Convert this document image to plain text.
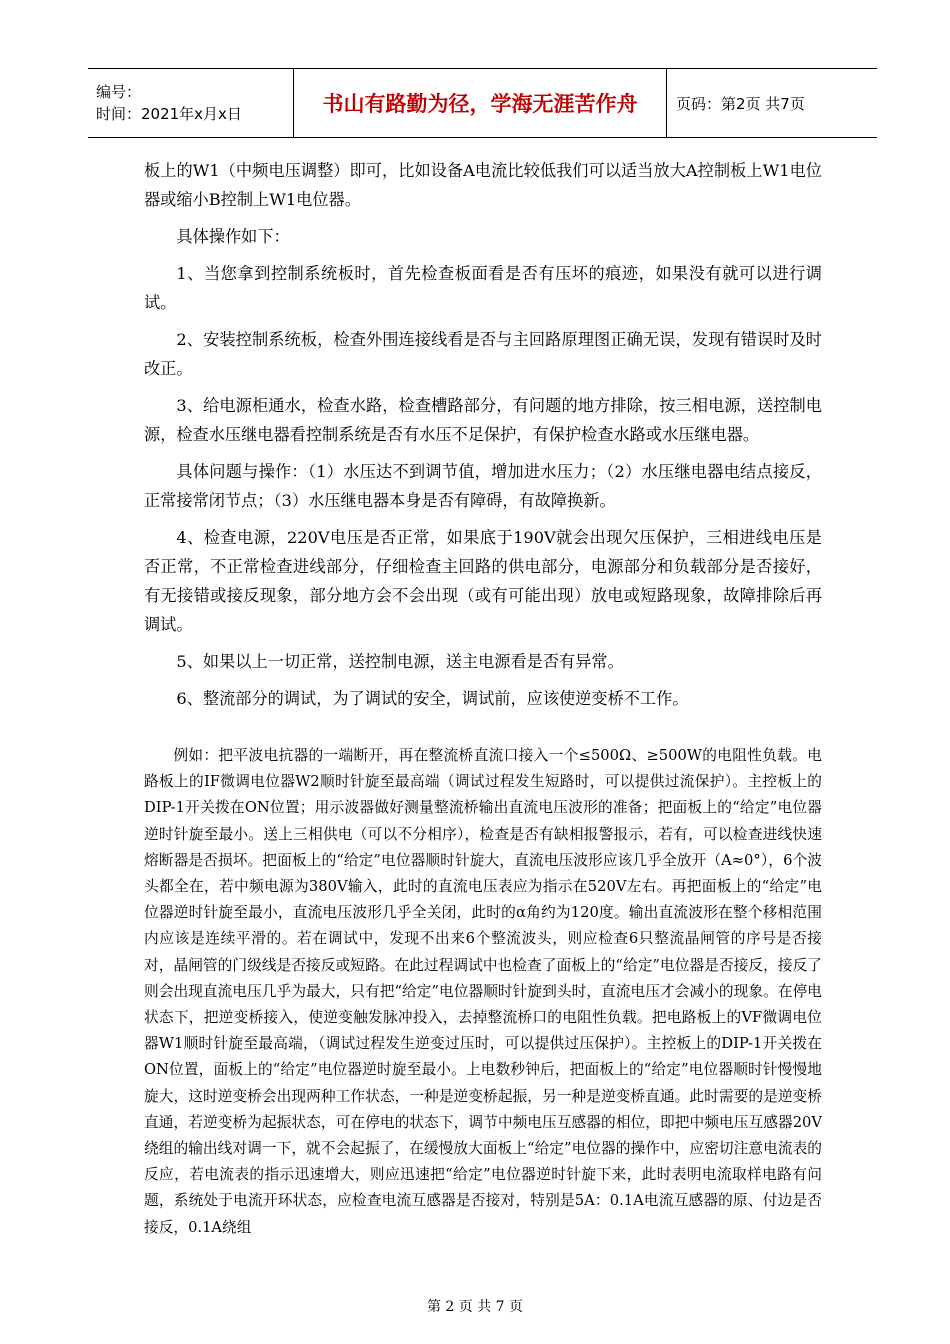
编号：
时间：2021年x月x日	书山有路勤为径，学海无涯苦作舟	页码：第2页 共7页

板上的W1（中频电压调整）即可，比如设备A电流比较低我们可以适当放大A控制板上W1电位器或缩小B控制上W1电位器。

具体操作如下：

1、当您拿到控制系统板时，首先检查板面看是否有压坏的痕迹，如果没有就可以进行调试。

2、安装控制系统板，检查外围连接线看是否与主回路原理图正确无误，发现有错误时及时改正。

3、给电源柜通水，检查水路，检查槽路部分，有问题的地方排除，按三相电源，送控制电源，检查水压继电器看控制系统是否有水压不足保护，有保护检查水路或水压继电器。

具体问题与操作：（1）水压达不到调节值，增加进水压力；（2）水压继电器电结点接反，正常接常闭节点；（3）水压继电器本身是否有障碍，有故障换新。

4、检查电源，220V电压是否正常，如果底于190V就会出现欠压保护，三相进线电压是否正常，不正常检查进线部分，仔细检查主回路的供电部分，电源部分和负载部分是否接好，有无接错或接反现象，部分地方会不会出现（或有可能出现）放电或短路现象，故障排除后再调试。

5、如果以上一切正常，送控制电源，送主电源看是否有异常。

6、整流部分的调试，为了调试的安全，调试前，应该使逆变桥不工作。

例如：把平波电抗器的一端断开，再在整流桥直流口接入一个≤500Ω、≥500W的电阻性负载。电路板上的IF微调电位器W2顺时针旋至最高端（调试过程发生短路时，可以提供过流保护）。主控板上的DIP-1开关拨在ON位置；用示波器做好测量整流桥输出直流电压波形的准备；把面板上的“给定”电位器逆时针旋至最小。送上三相供电（可以不分相序），检查是否有缺相报警报示，若有，可以检查进线快速熔断器是否损坏。把面板上的“给定”电位器顺时针旋大，直流电压波形应该几乎全放开（A≈0°），6个波头都全在，若中频电源为380V输入，此时的直流电压表应为指示在520V左右。再把面板上的“给定”电位器逆时针旋至最小，直流电压波形几乎全关闭，此时的α角约为120度。输出直流波形在整个移相范围内应该是连续平滑的。若在调试中，发现不出来6个整流波头，则应检查6只整流晶闸管的序号是否接对，晶闸管的门级线是否接反或短路。在此过程调试中也检查了面板上的“给定”电位器是否接反，接反了则会出现直流电压几乎为最大，只有把“给定”电位器顺时针旋到头时，直流电压才会减小的现象。在停电状态下，把逆变桥接入，使逆变触发脉冲投入，去掉整流桥口的电阻性负载。把电路板上的VF微调电位器W1顺时针旋至最高端，（调试过程发生逆变过压时，可以提供过压保护）。主控板上的DIP-1开关拨在ON位置，面板上的“给定”电位器逆时旋至最小。上电数秒钟后，把面板上的“给定”电位器顺时针慢慢地旋大，这时逆变桥会出现两种工作状态，一种是逆变桥起振，另一种是逆变桥直通。此时需要的是逆变桥直通，若逆变桥为起振状态，可在停电的状态下，调节中频电压互感器的相位，即把中频电压互感器20V绕组的输出线对调一下，就不会起振了，在缓慢放大面板上“给定”电位器的操作中，应密切注意电流表的反应，若电流表的指示迅速增大，则应迅速把“给定”电位器逆时针旋下来，此时表明电流取样电路有问题，系统处于电流开环状态，应检查电流互感器是否接对，特别是5A：0.1A电流互感器的原、付边是否接反，0.1A绕组

第 2 页 共 7 页
